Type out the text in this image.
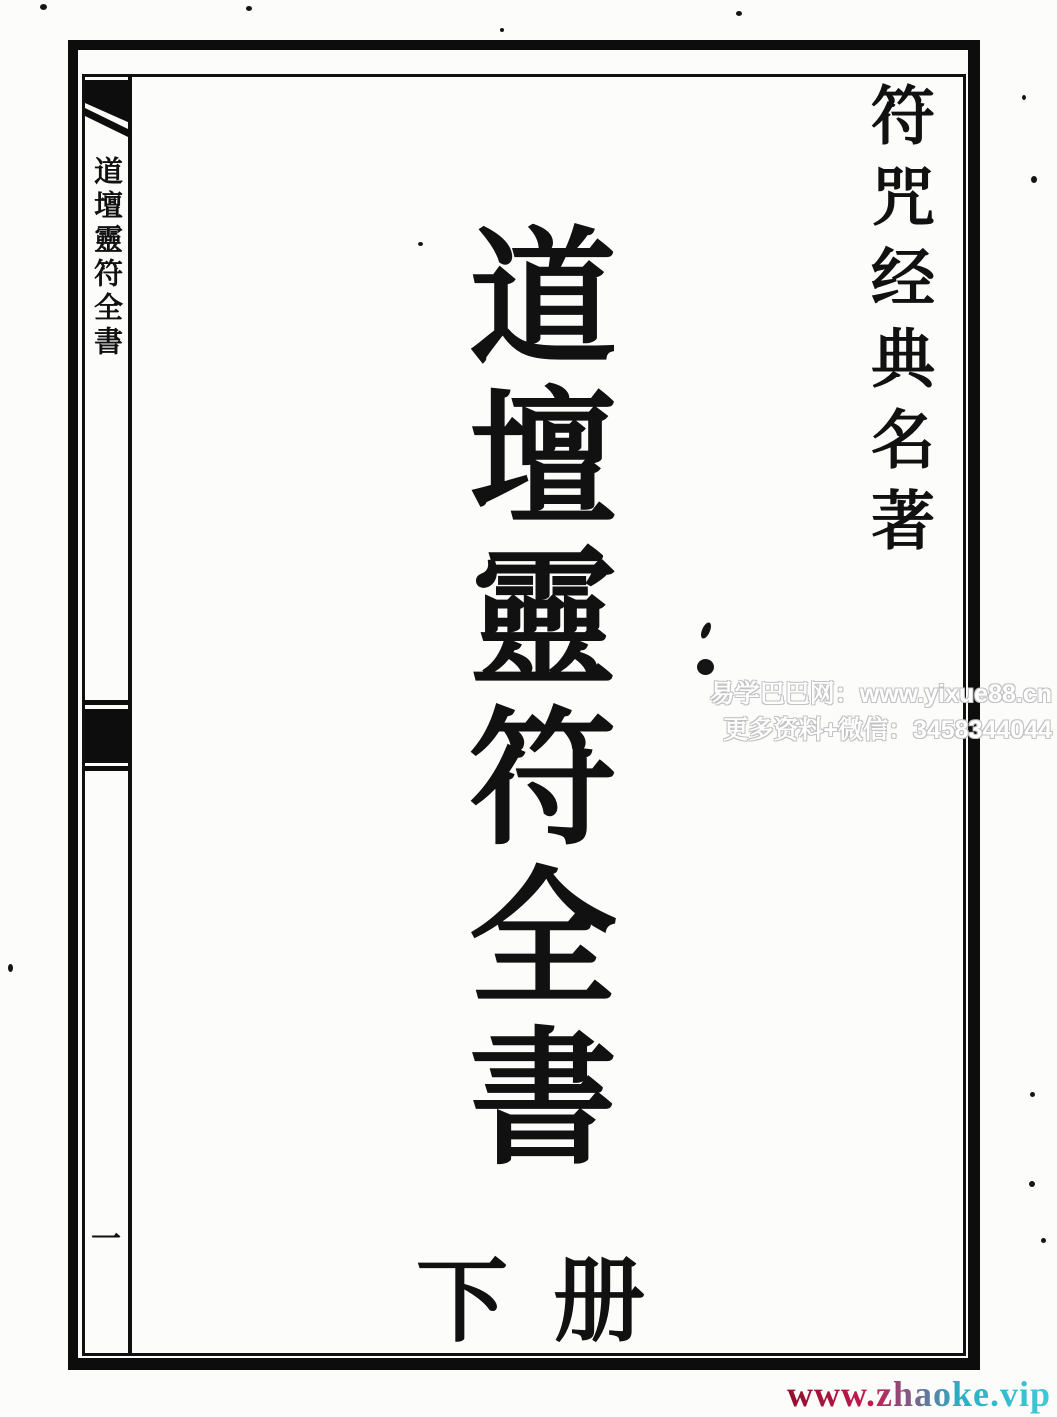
道壇靈符全書
一
符咒经典名著
道壇靈符全書
下 册
易学巴巴网：www.yixue88.cn
更多资料+微信：3458344044
www.zhaoke.vip
